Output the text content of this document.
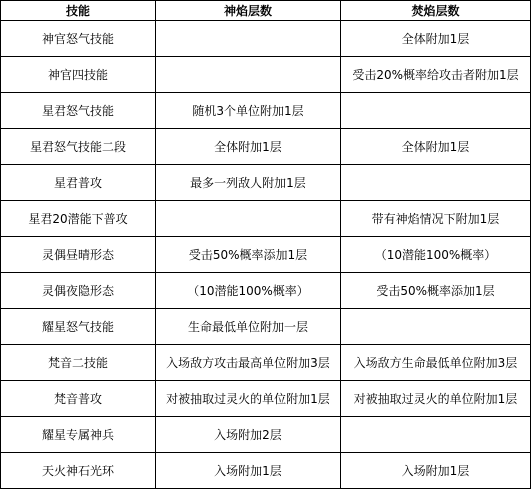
技能	神焰层数	焚焰层数
神官怒气技能		全体附加1层
神官四技能		受击20%概率给攻击者附加1层
星君怒气技能	随机3个单位附加1层	
星君怒气技能二段	全体附加1层	全体附加1层
星君普攻	最多一列敌人附加1层	
星君20潜能下普攻		带有神焰情况下附加1层
灵偶昼晴形态	受击50%概率添加1层	（10潜能100%概率）
灵偶夜隐形态	（10潜能100%概率）	受击50%概率添加1层
耀星怒气技能	生命最低单位附加一层	
梵音二技能	入场敌方攻击最高单位附加3层	入场敌方生命最低单位附加3层
梵音普攻	对被抽取过灵火的单位附加1层	对被抽取过灵火的单位附加1层
耀星专属神兵	入场附加2层	
天火神石光环	入场附加1层	入场附加1层
